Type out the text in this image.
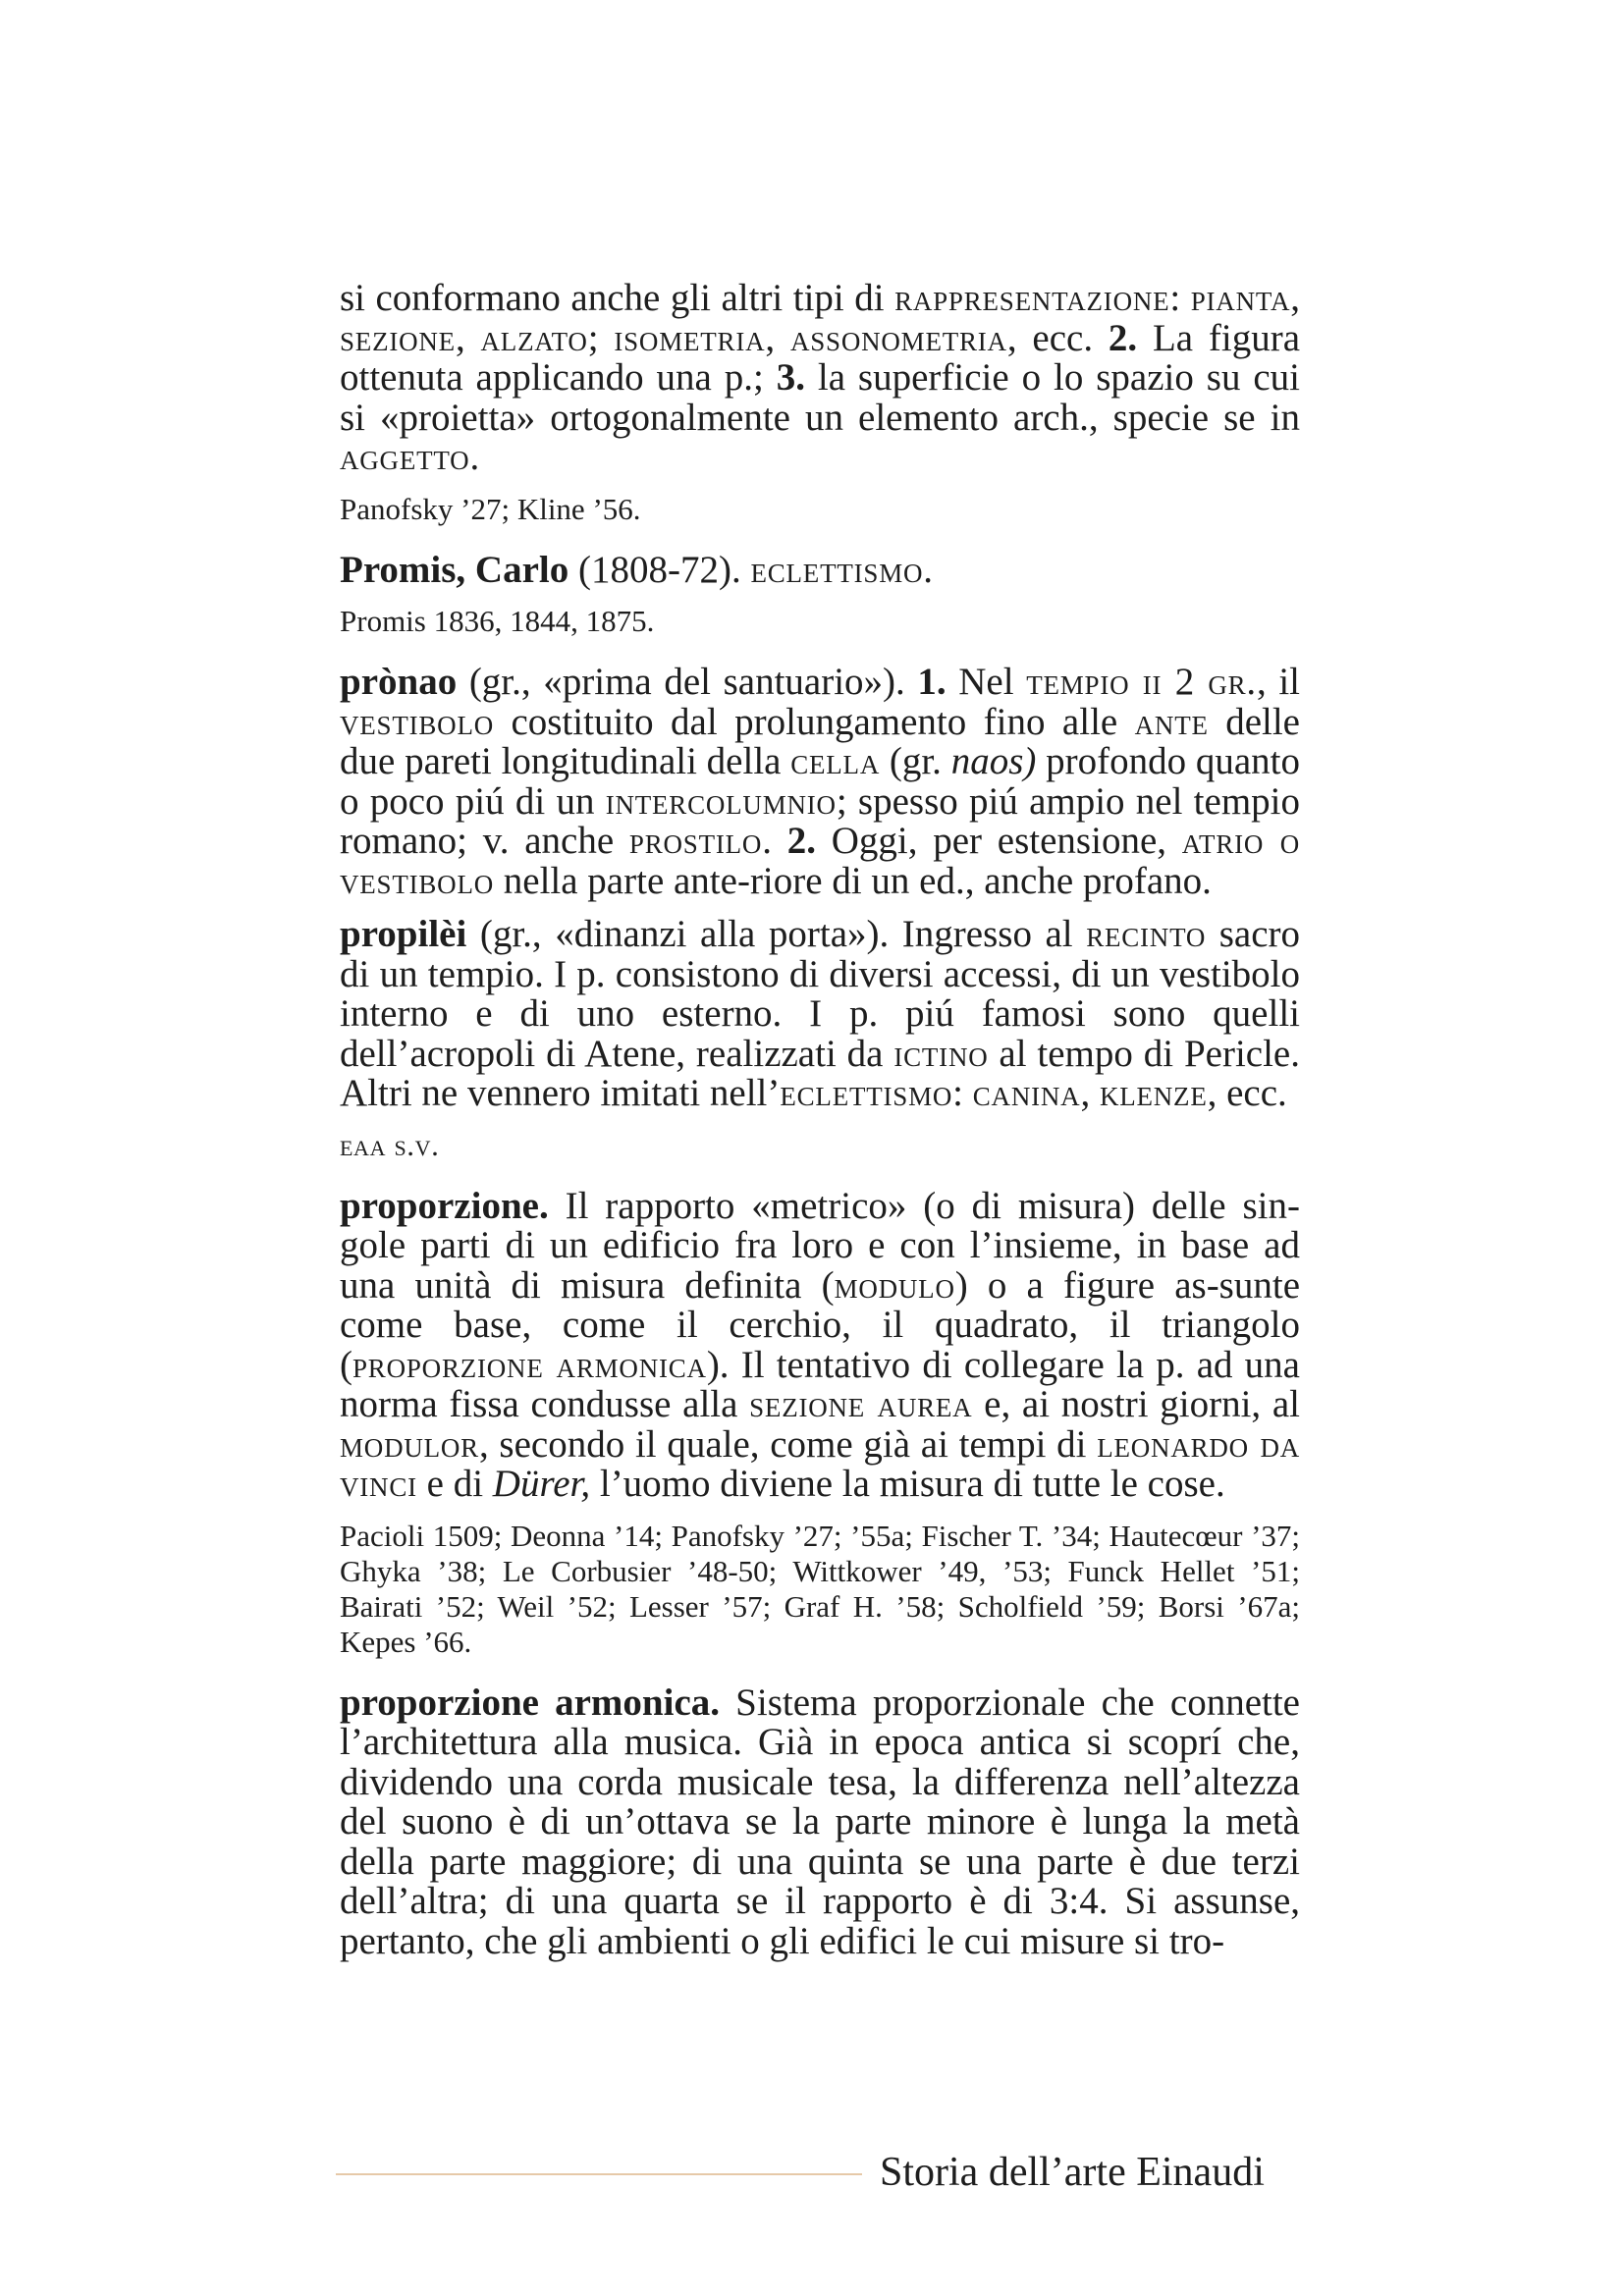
si conformano anche gli altri tipi di rappresentazione: pianta, sezione, alzato; isometria, assonometria, ecc. 2. La figura ottenuta applicando una p.; 3. la superficie o lo spazio su cui si «proietta» ortogonalmente un elemento arch., specie se in aggetto.

Panofsky ’27; Kline ’56.

Promis, Carlo (1808-72). eclettismo.

Promis 1836, 1844, 1875.

prònao (gr., «prima del santuario»). 1. Nel tempio ii 2 gr., il vestibolo costituito dal prolungamento fino alle ante delle due pareti longitudinali della cella (gr. naos) profondo quanto o poco piú di un intercolumnio; spesso piú ampio nel tempio romano; v. anche prostilo. 2. Oggi, per estensione, atrio o vestibolo nella parte ante-riore di un ed., anche profano.

propilèi (gr., «dinanzi alla porta»). Ingresso al recinto sacro di un tempio. I p. consistono di diversi accessi, di un vestibolo interno e di uno esterno. I p. piú famosi sono quelli dell’acropoli di Atene, realizzati da ictino al tempo di Pericle. Altri ne vennero imitati nell’eclettismo: canina, klenze, ecc.

eaa s.v.

proporzione. Il rapporto «metrico» (o di misura) delle sin-gole parti di un edificio fra loro e con l’insieme, in base ad una unità di misura definita (modulo) o a figure as-sunte come base, come il cerchio, il quadrato, il triangolo (proporzione armonica). Il tentativo di collegare la p. ad una norma fissa condusse alla sezione aurea e, ai nostri giorni, al modulor, secondo il quale, come già ai tempi di leonardo da vinci e di Dürer, l’uomo diviene la misura di tutte le cose.

Pacioli 1509; Deonna ’14; Panofsky ’27; ’55a; Fischer T. ’34; Hautecœur ’37; Ghyka ’38; Le Corbusier ’48-50; Wittkower ’49, ’53; Funck Hellet ’51; Bairati ’52; Weil ’52; Lesser ’57; Graf H. ’58; Scholfield ’59; Borsi ’67a; Kepes ’66.

proporzione armonica. Sistema proporzionale che connette l’architettura alla musica. Già in epoca antica si scoprí che, dividendo una corda musicale tesa, la differenza nell’altezza del suono è di un’ottava se la parte minore è lunga la metà della parte maggiore; di una quinta se una parte è due terzi dell’altra; di una quarta se il rapporto è di 3:4. Si assunse, pertanto, che gli ambienti o gli edifici le cui misure si tro-

Storia dell’arte Einaudi
